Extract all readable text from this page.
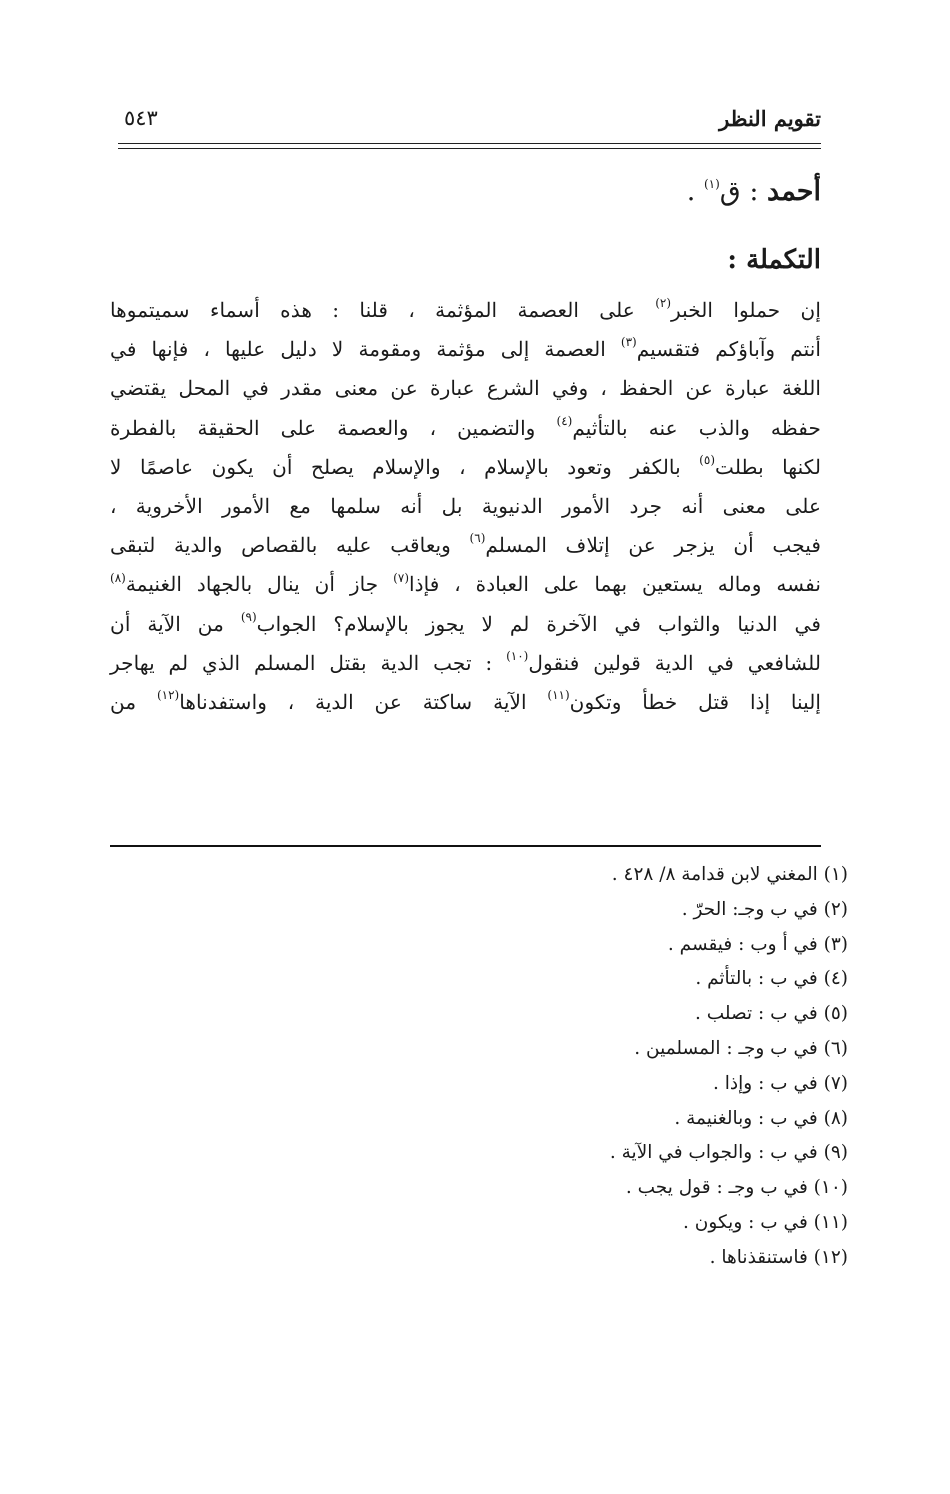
تقويم النظر
٥٤٣
أحمد : ق$^{(١)}$ .
التكملة :

إن حملوا الخبر$^{(٢)}$ على العصمة المؤثمة ، قلنا : هذه أسماء سميتموها

أنتم وآباؤكم فتقسيم$^{(٣)}$ العصمة إلى مؤثمة ومقومة لا دليل عليها ، فإنها في

اللغة عبارة عن الحفظ ، وفي الشرع عبارة عن معنى مقدر في المحل يقتضي

حفظه والذب عنه بالتأثيم$^{(٤)}$ والتضمين ، والعصمة على الحقيقة بالفطرة

لكنها بطلت$^{(٥)}$ بالكفر وتعود بالإسلام ، والإسلام يصلح أن يكون عاصمًا لا

على معنى أنه جرد الأمور الدنيوية بل أنه سلمها مع الأمور الأخروية ،

فيجب أن يزجر عن إتلاف المسلم$^{(٦)}$ ويعاقب عليه بالقصاص والدية لتبقى

نفسه وماله يستعين بهما على العبادة ، فإذا$^{(٧)}$ جاز أن ينال بالجهاد الغنيمة$^{(٨)}$

في الدنيا والثواب في الآخرة لم لا يجوز بالإسلام؟ الجواب$^{(٩)}$ من الآية أن

للشافعي في الدية قولين فنقول$^{(١٠)}$ : تجب الدية بقتل المسلم الذي لم يهاجر

إلينا إذا قتل خطأ وتكون$^{(١١)}$ الآية ساكتة عن الدية ، واستفدناها$^{(١٢)}$ من

(١) المغني لابن قدامة ٨/ ٤٢٨ .
(٢) في ب وجـ: الحرّ .
(٣) في أ وب : فيقسم .
(٤) في ب : بالتأثم .
(٥) في ب : تصلب .
(٦) في ب وجـ : المسلمين .
(٧) في ب : وإذا .
(٨) في ب : وبالغنيمة .
(٩) في ب : والجواب في الآية .
(١٠) في ب وجـ : قول يجب .
(١١) في ب : ويكون .
(١٢) فاستنقذناها .
